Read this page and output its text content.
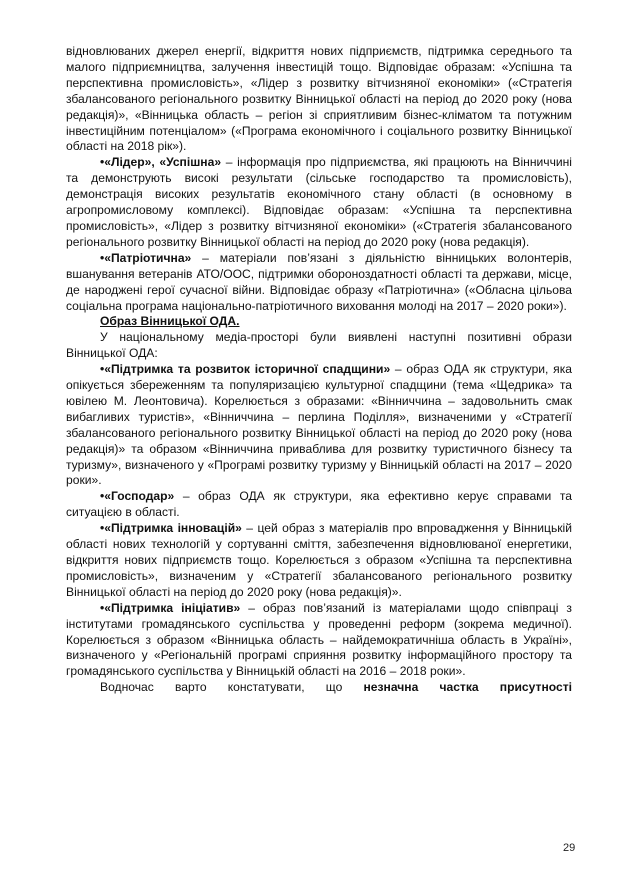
відновлюваних джерел енергії, відкриття нових підприємств, підтримка середнього та малого підприємництва, залучення інвестицій тощо. Відповідає образам: «Успішна та перспективна промисловість», «Лідер з розвитку вітчизняної економіки» («Стратегія збалансованого регіонального розвитку Вінницької області на період до 2020 року (нова редакція)», «Вінницька область – регіон зі сприятливим бізнес-кліматом та потужним інвестиційним потенціалом» («Програма економічного і соціального розвитку Вінницької області на 2018 рік»).

•«Лідер», «Успішна» – інформація про підприємства, які працюють на Вінниччині та демонструють високі результати (сільське господарство та промисловість), демонстрація високих результатів економічного стану області (в основному в агропромисловому комплексі). Відповідає образам: «Успішна та перспективна промисловість», «Лідер з розвитку вітчизняної економіки» («Стратегія збалансованого регіонального розвитку Вінницької області на період до 2020 року (нова редакція).

•«Патріотична» – матеріали пов’язані з діяльністю вінницьких волонтерів, вшанування ветеранів АТО/ООС, підтримки обороноздатності області та держави, місце, де народжені герої сучасної війни. Відповідає образу «Патріотична» («Обласна цільова соціальна програма національно-патріотичного виховання молоді на 2017 – 2020 роки»).

Образ Вінницької ОДА.

У національному медіа-просторі були виявлені наступні позитивні образи Вінницької ОДА:

•«Підтримка та розвиток історичної спадщини» – образ ОДА як структури, яка опікується збереженням та популяризацією культурної спадщини (тема «Щедрика» та ювілею М. Леонтовича). Корелюється з образами: «Вінниччина – задовольнить смак вибагливих туристів», «Вінниччина – перлина Поділля», визначеними у «Стратегії збалансованого регіонального розвитку Вінницької області на період до 2020 року (нова редакція)» та образом «Вінниччина приваблива для розвитку туристичного бізнесу та туризму», визначеного у «Програмі розвитку туризму у Вінницькій області на 2017 – 2020 роки».

•«Господар» – образ ОДА як структури, яка ефективно керує справами та ситуацією в області.

•«Підтримка інновацій» – цей образ з матеріалів про впровадження у Вінницькій області нових технологій у сортуванні сміття, забезпечення відновлюваної енергетики, відкриття нових підприємств тощо. Корелюється з образом «Успішна та перспективна промисловість», визначеним у «Стратегії збалансованого регіонального розвитку Вінницької області на період до 2020 року (нова редакція)».

•«Підтримка ініціатив» – образ пов’язаний із матеріалами щодо співпраці з інститутами громадянського суспільства у проведенні реформ (зокрема медичної). Корелюється з образом «Вінницька область – найдемократичніша область в Україні», визначеного у «Регіональній програмі сприяння розвитку інформаційного простору та громадянського суспільства у Вінницькій області на 2016 – 2018 роки».

Водночас варто констатувати, що незначна частка присутності

29
